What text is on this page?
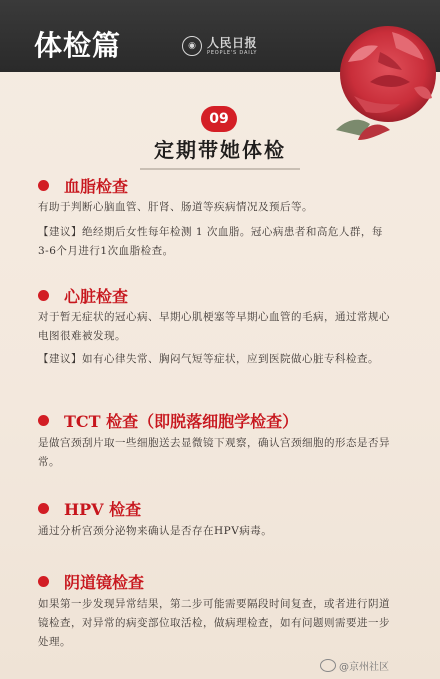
体检篇	◉ 人民日报
PEOPLE'S DAILY
09
定期带她体检
血脂检查
有助于判断心脑血管、肝肾、肠道等疾病情况及预后等。
【建议】绝经期后女性每年检测 1 次血脂。冠心病患者和高危人群，每3-6个月进行1次血脂检查。
心脏检查
对于暂无症状的冠心病、早期心肌梗塞等早期心血管的毛病，通过常规心电图很难被发现。
【建议】如有心律失常、胸闷气短等症状，应到医院做心脏专科检查。
TCT 检查（即脱落细胞学检查）
是做宫颈刮片取一些细胞送去显微镜下观察，确认宫颈细胞的形态是否异常。
HPV 检查
通过分析宫颈分泌物来确认是否存在HPV病毒。
阴道镜检查
如果第一步发现异常结果，第二步可能需要隔段时间复查，或者进行阴道镜检查，对异常的病变部位取活检，做病理检查，如有问题则需要进一步处理。
@京州社区
